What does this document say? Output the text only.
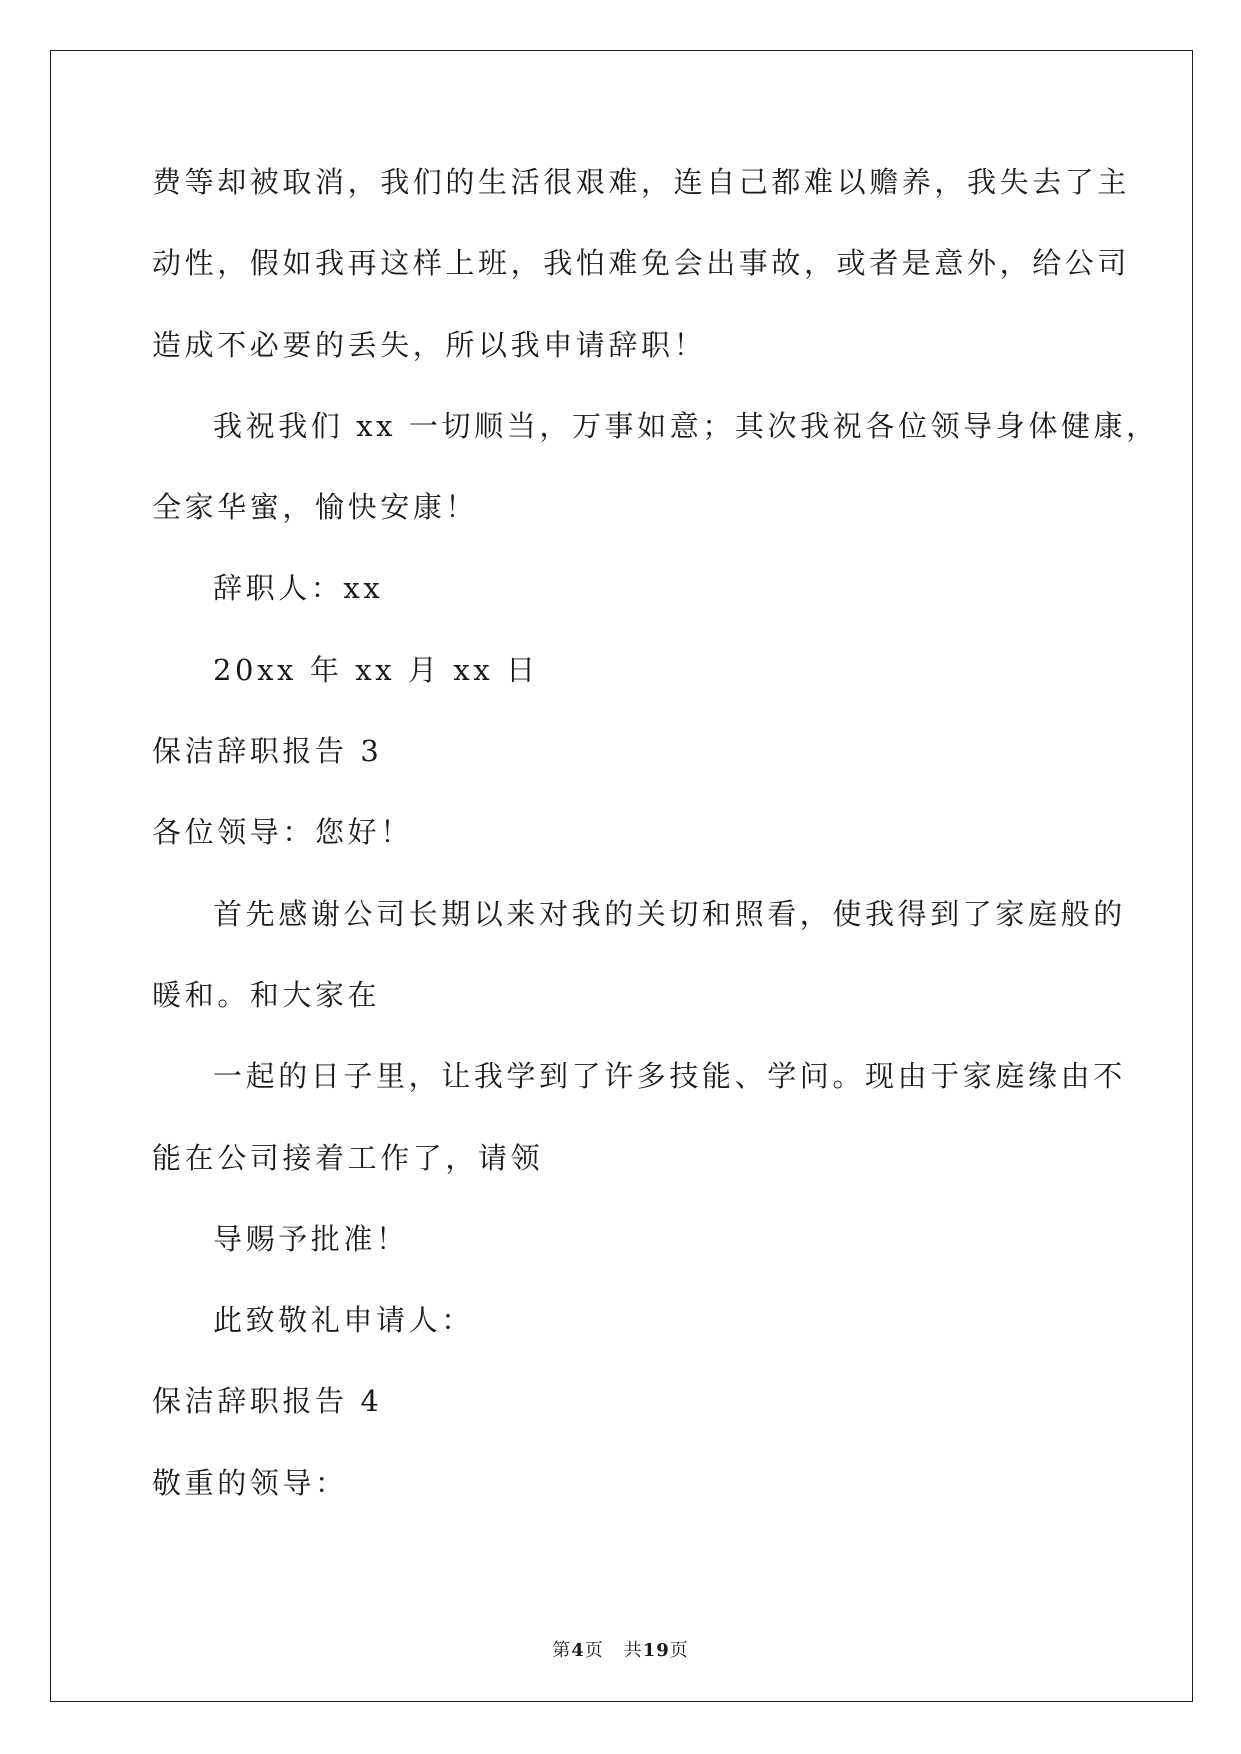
费等却被取消，我们的生活很艰难，连自己都难以赡养，我失去了主
动性，假如我再这样上班，我怕难免会出事故，或者是意外，给公司
造成不必要的丢失，所以我申请辞职！
我祝我们 xx 一切顺当，万事如意；其次我祝各位领导身体健康，
全家华蜜，愉快安康！
辞职人：xx
20xx 年 xx 月 xx 日
保洁辞职报告 3
各位领导：您好！
首先感谢公司长期以来对我的关切和照看，使我得到了家庭般的
暖和。和大家在
一起的日子里，让我学到了许多技能、学问。现由于家庭缘由不
能在公司接着工作了，请领
导赐予批准！
此致敬礼申请人：
保洁辞职报告 4
敬重的领导：
第4页 共19页
